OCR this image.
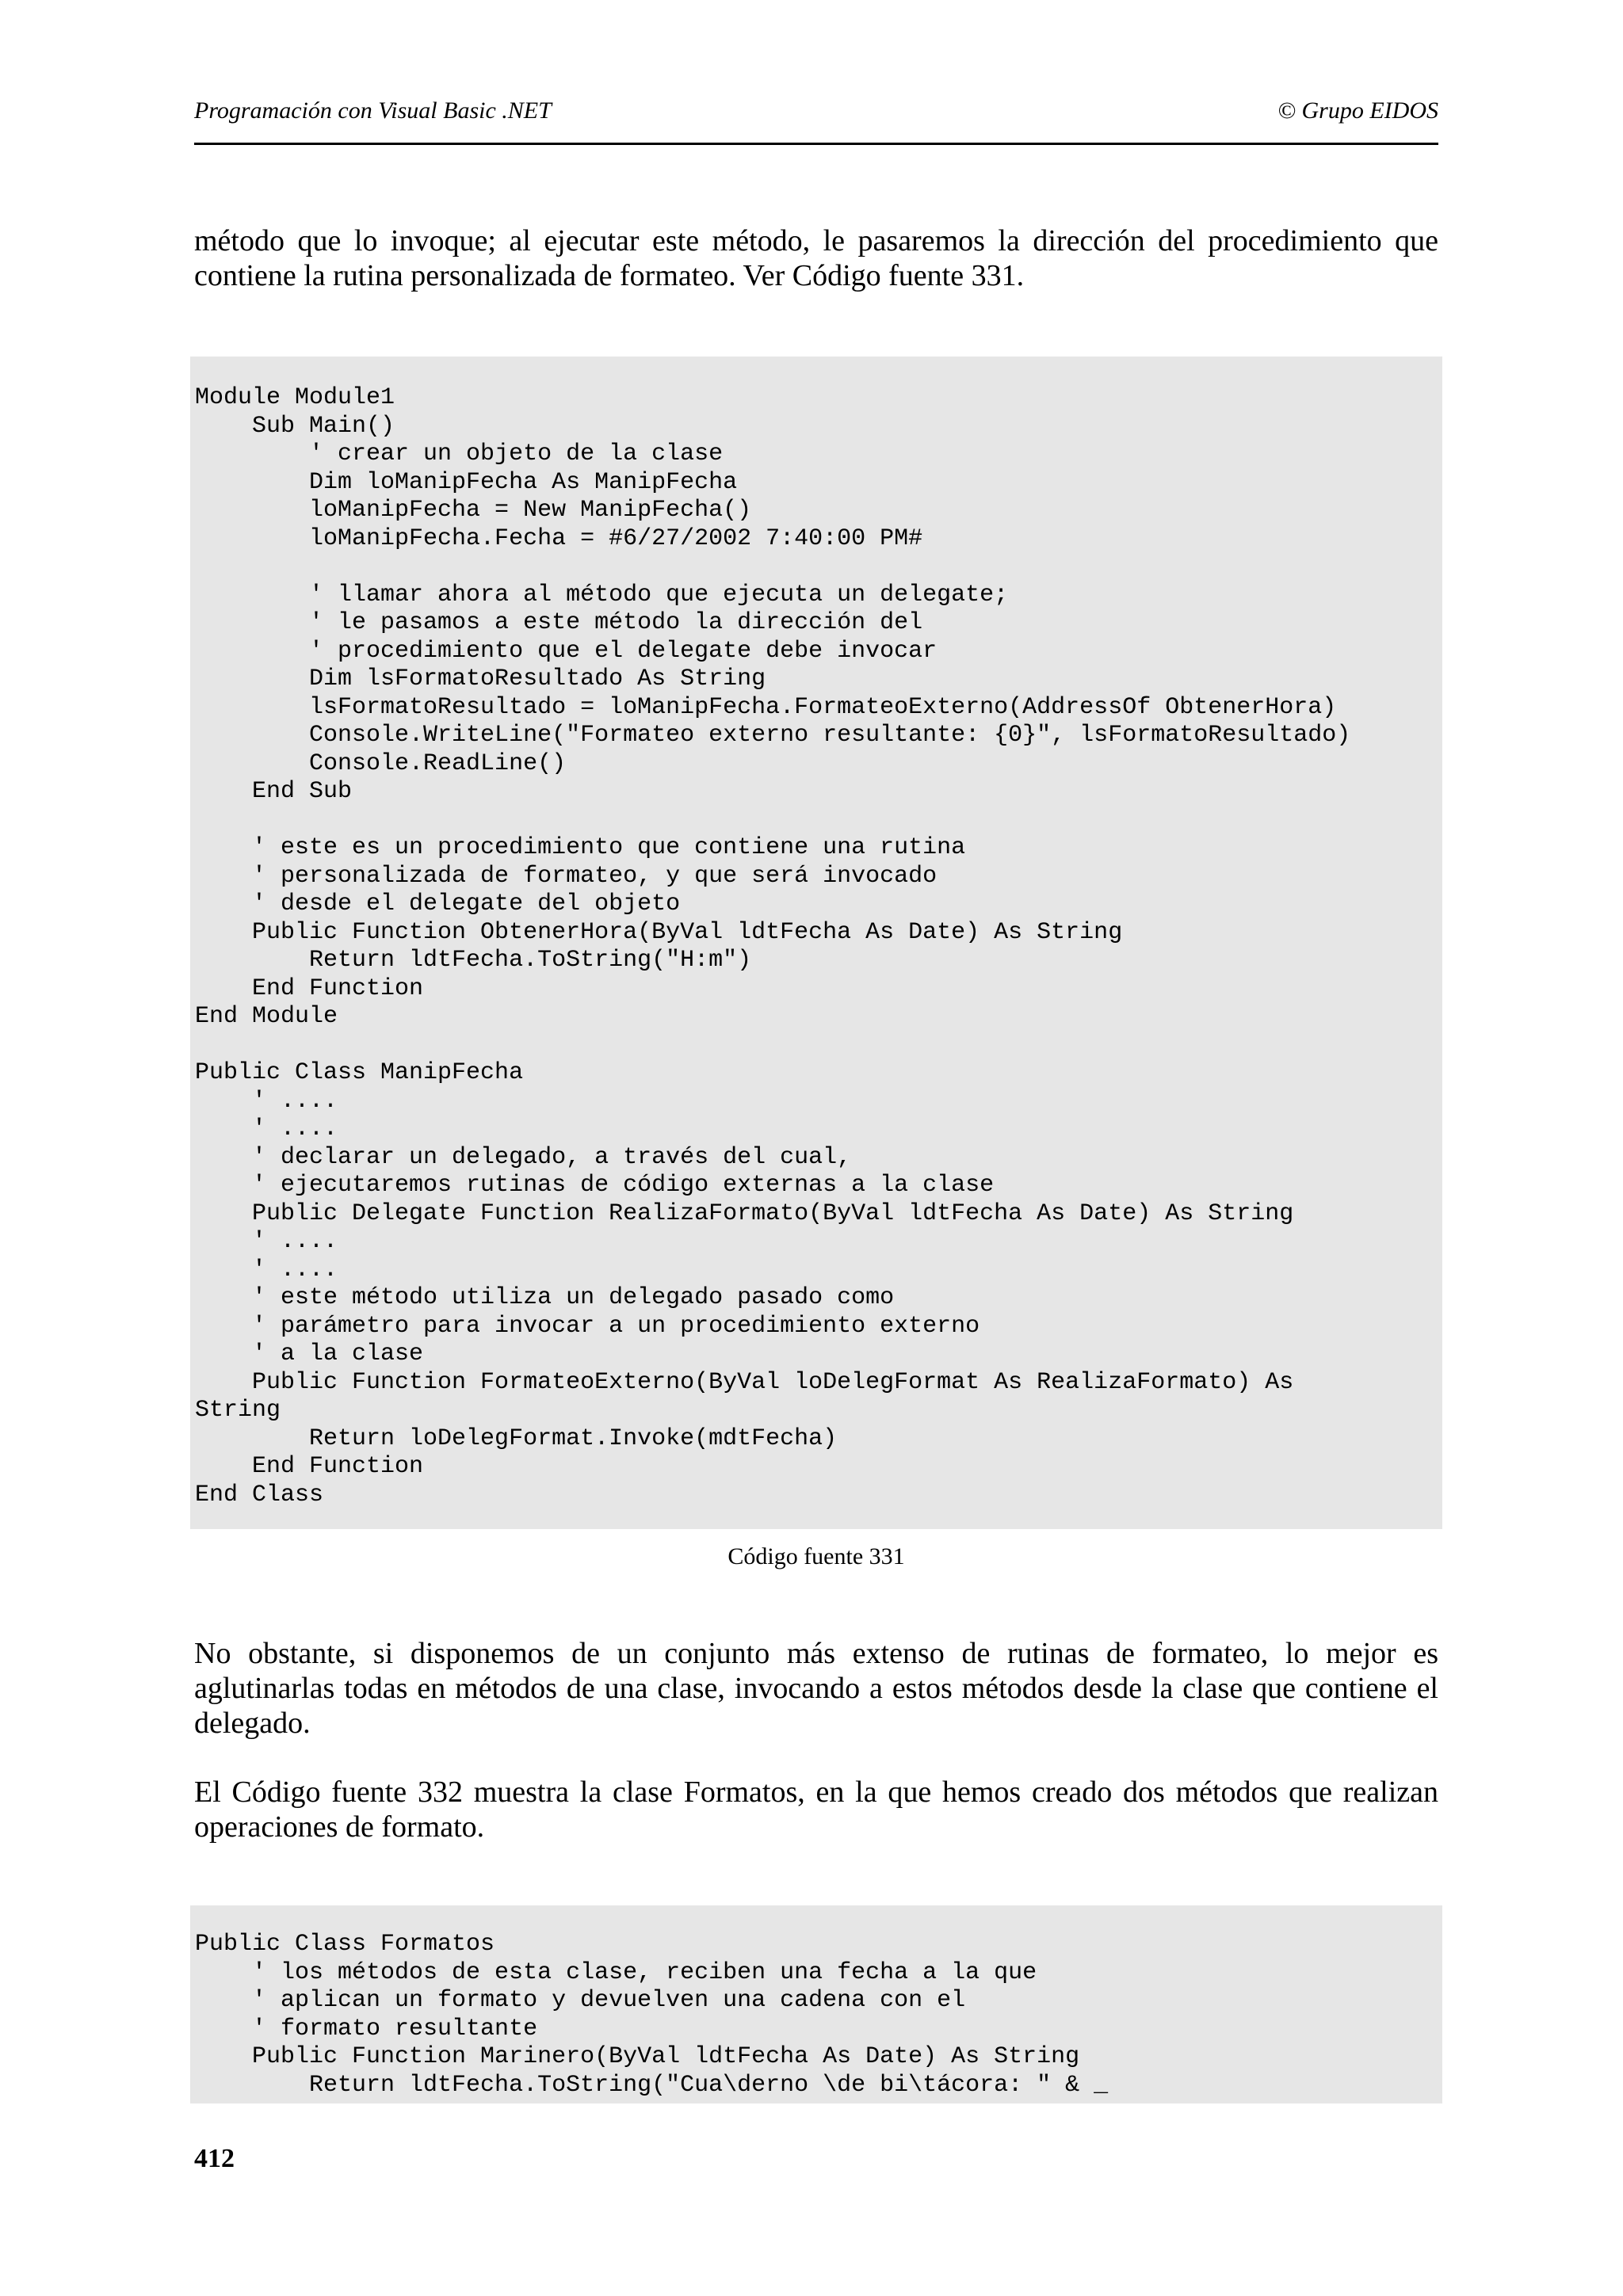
Programación con Visual Basic .NET	© Grupo EIDOS

método que lo invoque; al ejecutar este método, le pasaremos la dirección del procedimiento que contiene la rutina personalizada de formateo. Ver Código fuente 331.

Module Module1
Sub Main()
' crear un objeto de la clase
Dim loManipFecha As ManipFecha
loManipFecha = New ManipFecha()
loManipFecha.Fecha = #6/27/2002 7:40:00 PM#

' llamar ahora al método que ejecuta un delegate;
' le pasamos a este método la dirección del
' procedimiento que el delegate debe invocar
Dim lsFormatoResultado As String
lsFormatoResultado = loManipFecha.FormateoExterno(AddressOf ObtenerHora)
Console.WriteLine("Formateo externo resultante: {0}", lsFormatoResultado)
Console.ReadLine()
End Sub

' este es un procedimiento que contiene una rutina
' personalizada de formateo, y que será invocado
' desde el delegate del objeto
Public Function ObtenerHora(ByVal ldtFecha As Date) As String
Return ldtFecha.ToString("H:m")
End Function
End Module

Public Class ManipFecha
' ....
' ....
' declarar un delegado, a través del cual,
' ejecutaremos rutinas de código externas a la clase
Public Delegate Function RealizaFormato(ByVal ldtFecha As Date) As String
' ....
' ....
' este método utiliza un delegado pasado como
' parámetro para invocar a un procedimiento externo
' a la clase
Public Function FormateoExterno(ByVal loDelegFormat As RealizaFormato) As
String
Return loDelegFormat.Invoke(mdtFecha)
End Function
End Class
Código fuente 331

No obstante, si disponemos de un conjunto más extenso de rutinas de formateo, lo mejor es aglutinarlas todas en métodos de una clase, invocando a estos métodos desde la clase que contiene el delegado.

El Código fuente 332 muestra la clase Formatos, en la que hemos creado dos métodos que realizan operaciones de formato.

Public Class Formatos
' los métodos de esta clase, reciben una fecha a la que
' aplican un formato y devuelven una cadena con el
' formato resultante
Public Function Marinero(ByVal ldtFecha As Date) As String
Return ldtFecha.ToString("Cua\derno \de bi\tácora: " & _
412
